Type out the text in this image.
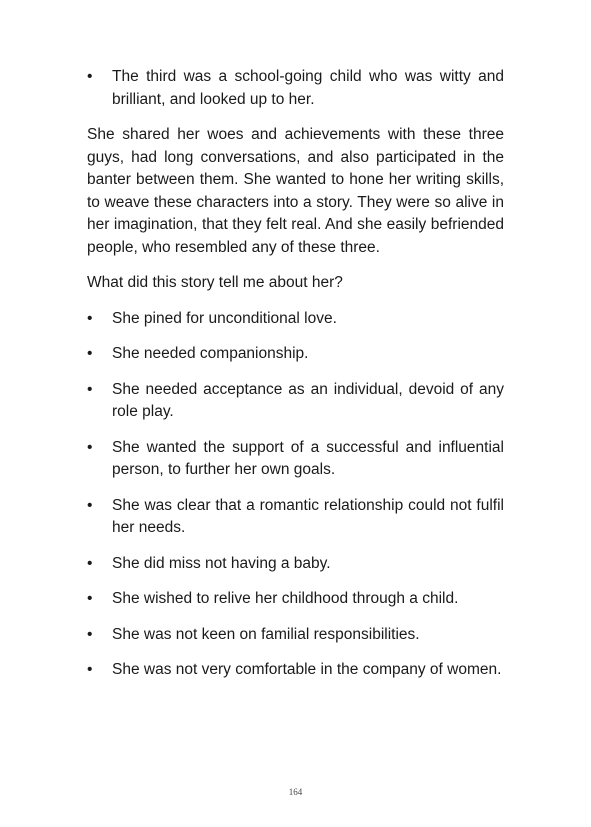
•	The third was a school-going child who was witty and brilliant, and looked up to her.

She shared her woes and achievements with these three guys, had long conversations, and also participated in the banter between them. She wanted to hone her writing skills, to weave these characters into a story. They were so alive in her imagination, that they felt real. And she easily befriended people, who resembled any of these three.

What did this story tell me about her?

•	She pined for unconditional love.
•	She needed companionship.
•	She needed acceptance as an individual, devoid of any role play.
•	She wanted the support of a successful and influential person, to further her own goals.
•	She was clear that a romantic relationship could not fulfil her needs.
•	She did miss not having a baby.
•	She wished to relive her childhood through a child.
•	She was not keen on familial responsibilities.
•	She was not very comfortable in the company of women.
164
